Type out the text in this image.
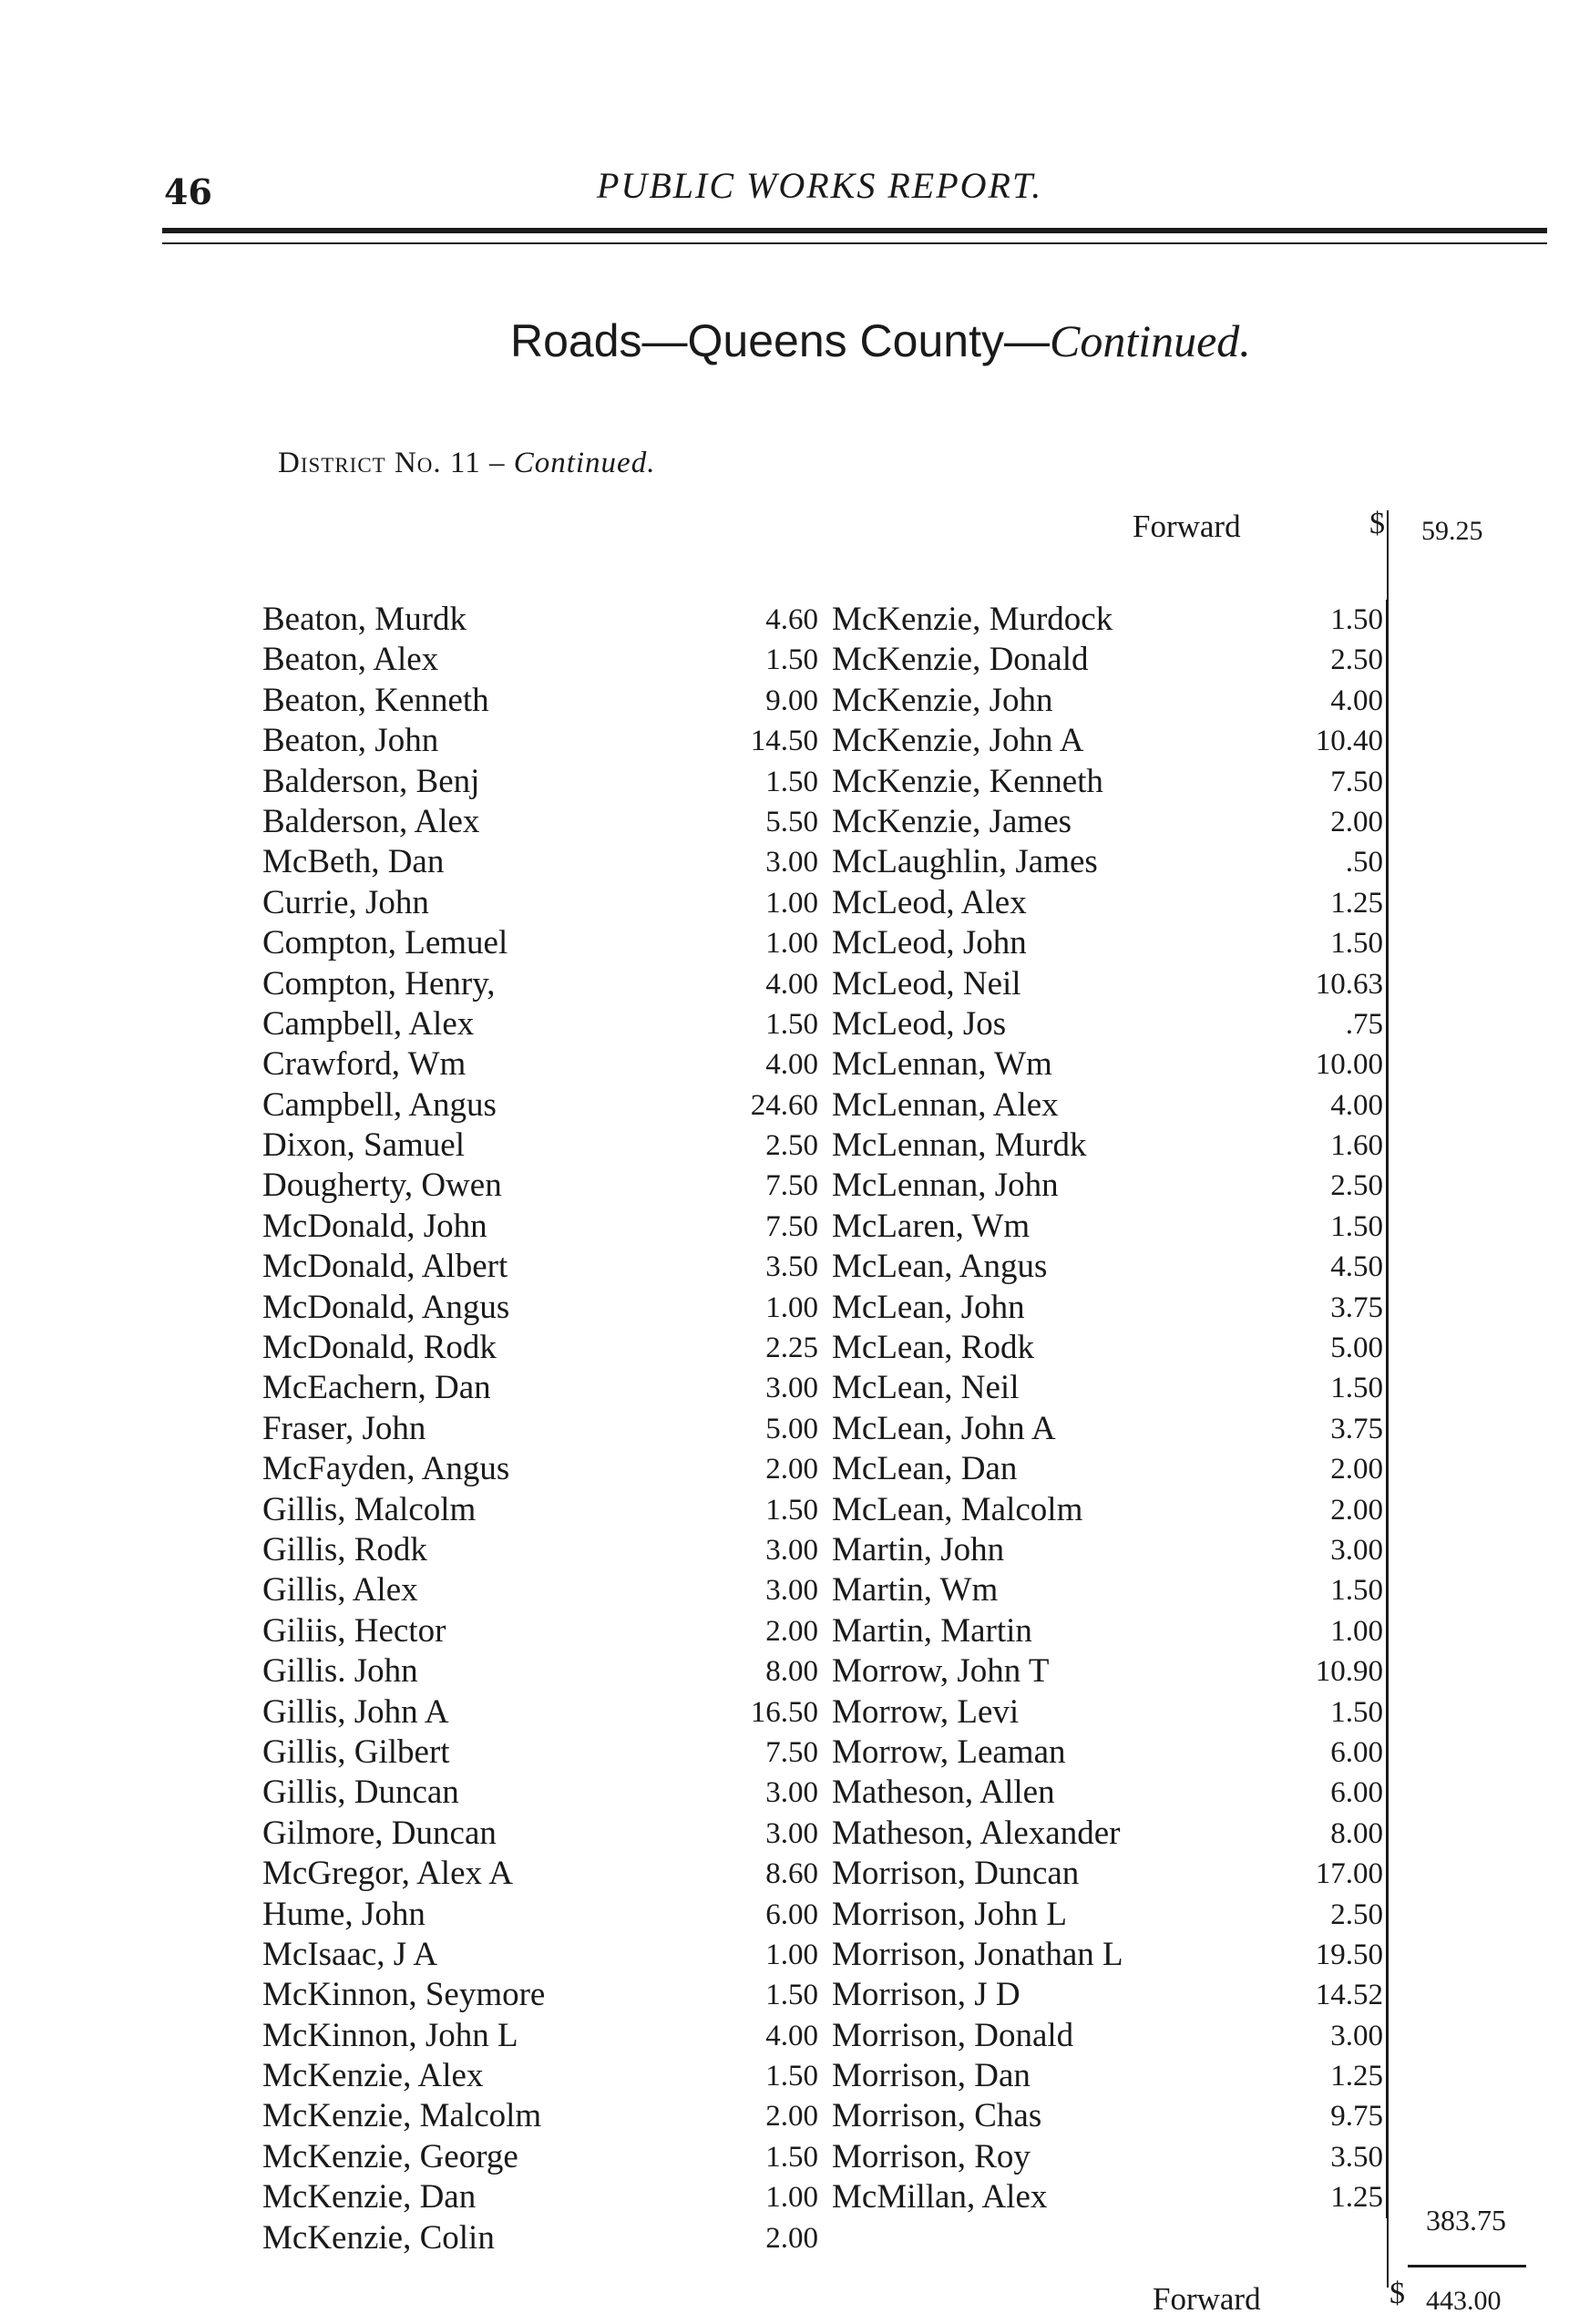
46	PUBLIC WORKS REPORT.
Roads—Queens County—Continued.
District No. 11 – Continued.
Forward	$ 59.25
Beaton, Murdk	4.60
Beaton, Alex	1.50
Beaton, Kenneth	9.00
Beaton, John	14.50
Balderson, Benj	1.50
Balderson, Alex	5.50
McBeth, Dan	3.00
Currie, John	1.00
Compton, Lemuel	1.00
Compton, Henry,	4.00
Campbell, Alex	1.50
Crawford, Wm	4.00
Campbell, Angus	24.60
Dixon, Samuel	2.50
Dougherty, Owen	7.50
McDonald, John	7.50
McDonald, Albert	3.50
McDonald, Angus	1.00
McDonald, Rodk	2.25
McEachern, Dan	3.00
Fraser, John	5.00
McFayden, Angus	2.00
Gillis, Malcolm	1.50
Gillis, Rodk	3.00
Gillis, Alex	3.00
Giliis, Hector	2.00
Gillis. John	8.00
Gillis, John A	16.50
Gillis, Gilbert	7.50
Gillis, Duncan	3.00
Gilmore, Duncan	3.00
McGregor, Alex A	8.60
Hume, John	6.00
McIsaac, J A	1.00
McKinnon, Seymore	1.50
McKinnon, John L	4.00
McKenzie, Alex	1.50
McKenzie, Malcolm	2.00
McKenzie, George	1.50
McKenzie, Dan	1.00
McKenzie, Colin	2.00
McKenzie, Murdock	1.50
McKenzie, Donald	2.50
McKenzie, John	4.00
McKenzie, John A	10.40
McKenzie, Kenneth	7.50
McKenzie, James	2.00
McLaughlin, James	.50
McLeod, Alex	1.25
McLeod, John	1.50
McLeod, Neil	10.63
McLeod, Jos	.75
McLennan, Wm	10.00
McLennan, Alex	4.00
McLennan, Murdk	1.60
McLennan, John	2.50
McLaren, Wm	1.50
McLean, Angus	4.50
McLean, John	3.75
McLean, Rodk	5.00
McLean, Neil	1.50
McLean, John A	3.75
McLean, Dan	2.00
McLean, Malcolm	2.00
Martin, John	3.00
Martin, Wm	1.50
Martin, Martin	1.00
Morrow, John T	10.90
Morrow, Levi	1.50
Morrow, Leaman	6.00
Matheson, Allen	6.00
Matheson, Alexander	8.00
Morrison, Duncan	17.00
Morrison, John L	2.50
Morrison, Jonathan L	19.50
Morrison, J D	14.52
Morrison, Donald	3.00
Morrison, Dan	1.25
Morrison, Chas	9.75
Morrison, Roy	3.50
McMillan, Alex	1.25
383.75
Forward	$ 443.00
